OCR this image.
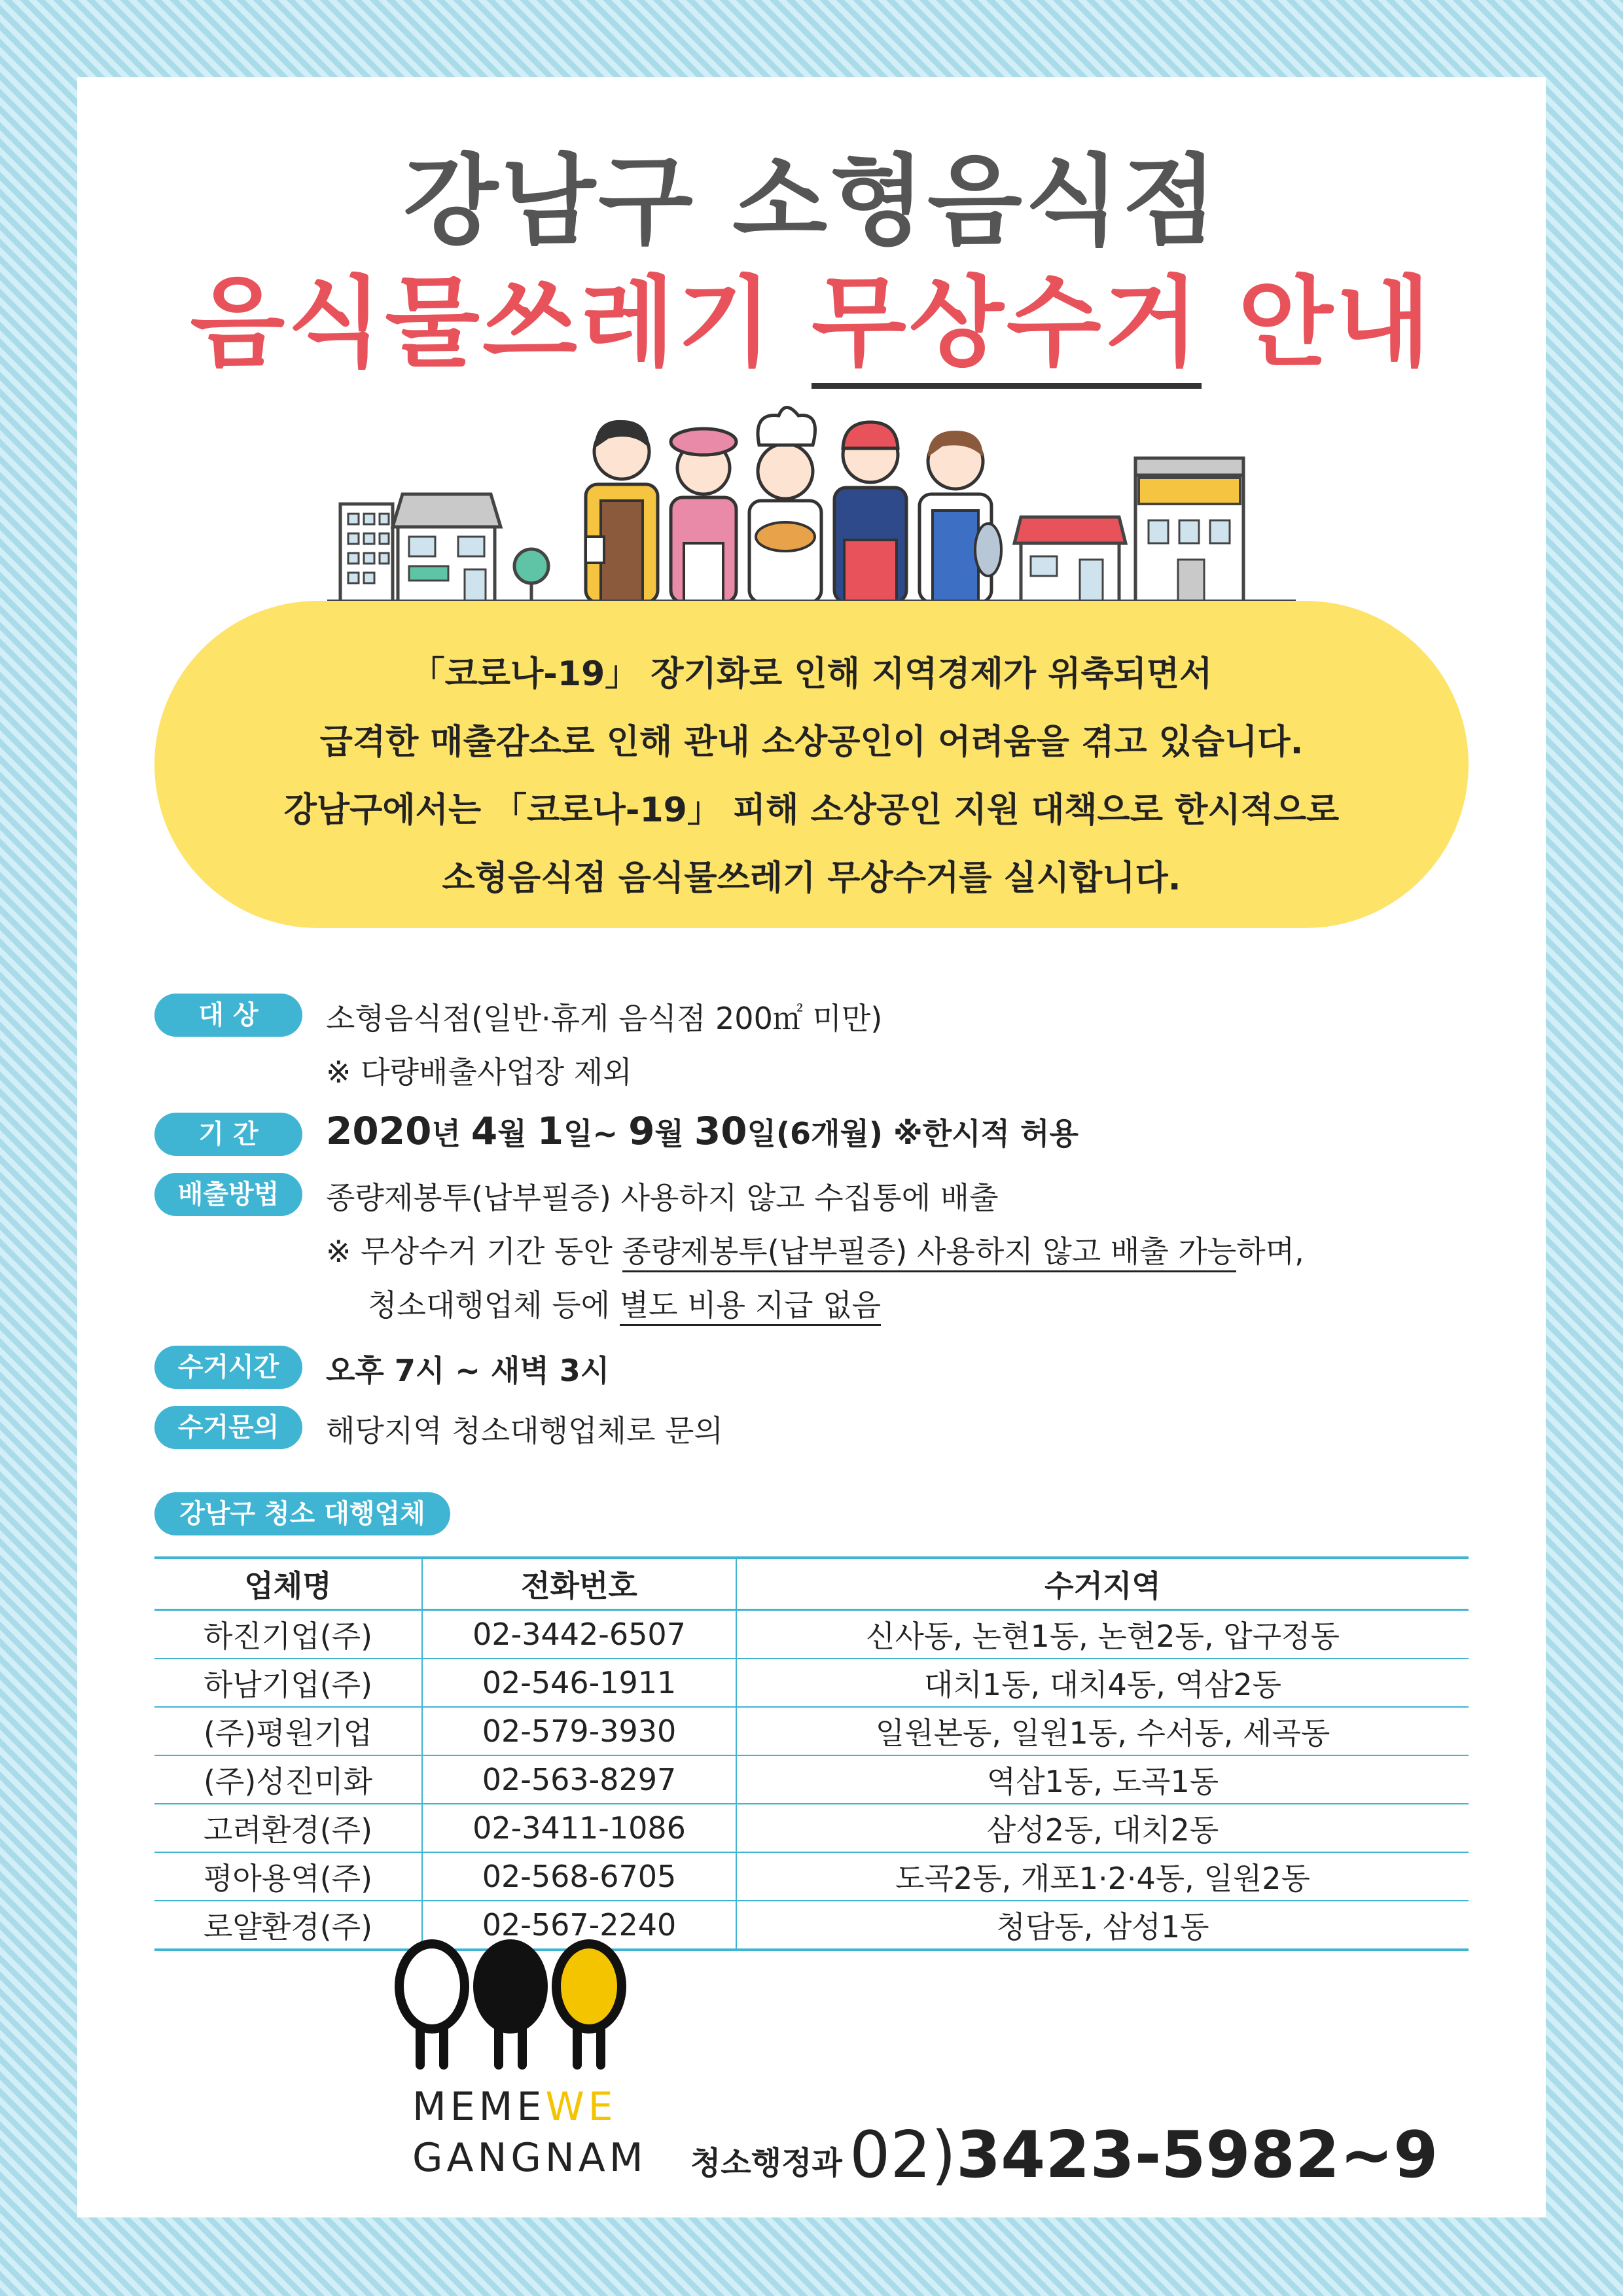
강남구 소형음식점
음식물쓰레기 무상수거 안내
「코로나-19」 장기화로 인해 지역경제가 위축되면서
급격한 매출감소로 인해 관내 소상공인이 어려움을 겪고 있습니다.
강남구에서는 「코로나-19」 피해 소상공인 지원 대책으로 한시적으로
소형음식점 음식물쓰레기 무상수거를 실시합니다.
대 상	소형음식점(일반·휴게 음식점 200㎡ 미만)
※ 다량배출사업장 제외
기 간	2020년 4월 1일~ 9월 30일(6개월) ※한시적 허용
배출방법	종량제봉투(납부필증) 사용하지 않고 수집통에 배출
※ 무상수거 기간 동안 종량제봉투(납부필증) 사용하지 않고 배출 가능하며,
청소대행업체 등에 별도 비용 지급 없음
수거시간	오후 7시 ~ 새벽 3시
수거문의	해당지역 청소대행업체로 문의
강남구 청소 대행업체
업체명	전화번호	수거지역
하진기업(주)	02-3442-6507	신사동, 논현1동, 논현2동, 압구정동
하남기업(주)	02-546-1911	대치1동, 대치4동, 역삼2동
(주)평원기업	02-579-3930	일원본동, 일원1동, 수서동, 세곡동
(주)성진미화	02-563-8297	역삼1동, 도곡1동
고려환경(주)	02-3411-1086	삼성2동, 대치2동
평아용역(주)	02-568-6705	도곡2동, 개포1·2·4동, 일원2동
로얄환경(주)	02-567-2240	청담동, 삼성1동
MEMEWE
GANGNAM 청소행정과 02)3423-5982~9
